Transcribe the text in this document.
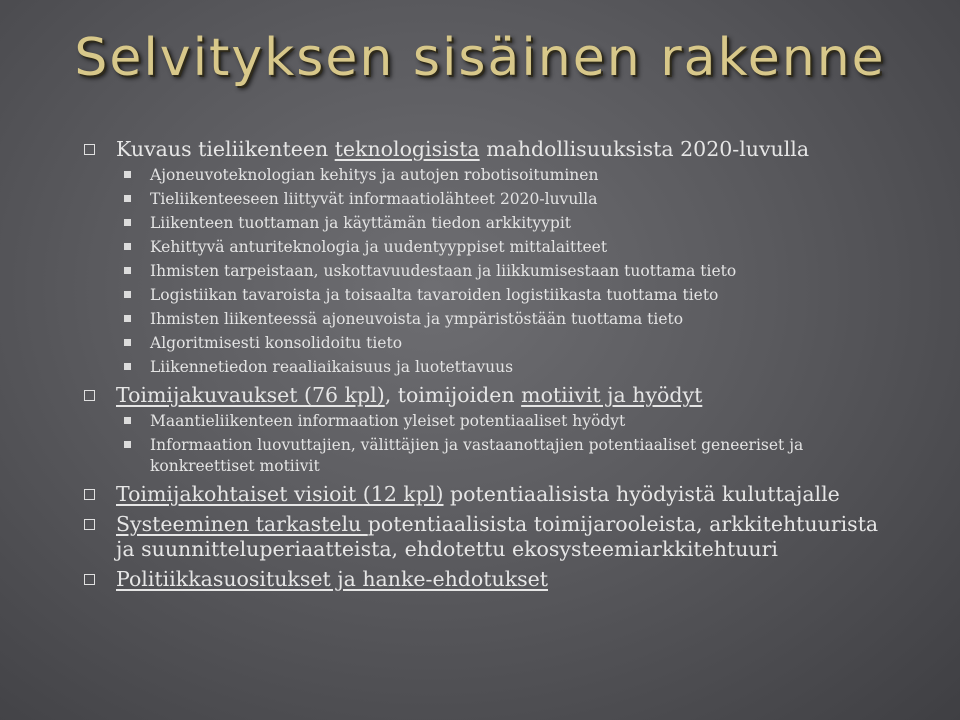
Selvityksen sisäinen rakenne
Kuvaus tieliikenteen teknologisista mahdollisuuksista 2020-luvulla
Ajoneuvoteknologian kehitys ja autojen robotisoituminen
Tieliikenteeseen liittyvät informaatiolähteet 2020-luvulla
Liikenteen tuottaman ja käyttämän tiedon arkkityypit
Kehittyvä anturiteknologia ja uudentyyppiset mittalaitteet
Ihmisten tarpeistaan, uskottavuudestaan ja liikkumisestaan tuottama tieto
Logistiikan tavaroista ja toisaalta tavaroiden logistiikasta tuottama tieto
Ihmisten liikenteessä ajoneuvoista ja ympäristöstään tuottama tieto
Algoritmisesti konsolidoitu tieto
Liikennetiedon reaaliaikaisuus ja luotettavuus
Toimijakuvaukset (76 kpl), toimijoiden motiivit ja hyödyt
Maantieliikenteen informaation yleiset potentiaaliset hyödyt
Informaation luovuttajien, välittäjien ja vastaanottajien potentiaaliset geneeriset ja konkreettiset motiivit
Toimijakohtaiset visioit (12 kpl) potentiaalisista hyödyistä kuluttajalle
Systeeminen tarkastelu potentiaalisista toimijarooleista, arkkitehtuurista ja suunnitteluperiaatteista, ehdotettu ekosysteemiarkkitehtuuri
Politiikkasuositukset ja hanke-ehdotukset
